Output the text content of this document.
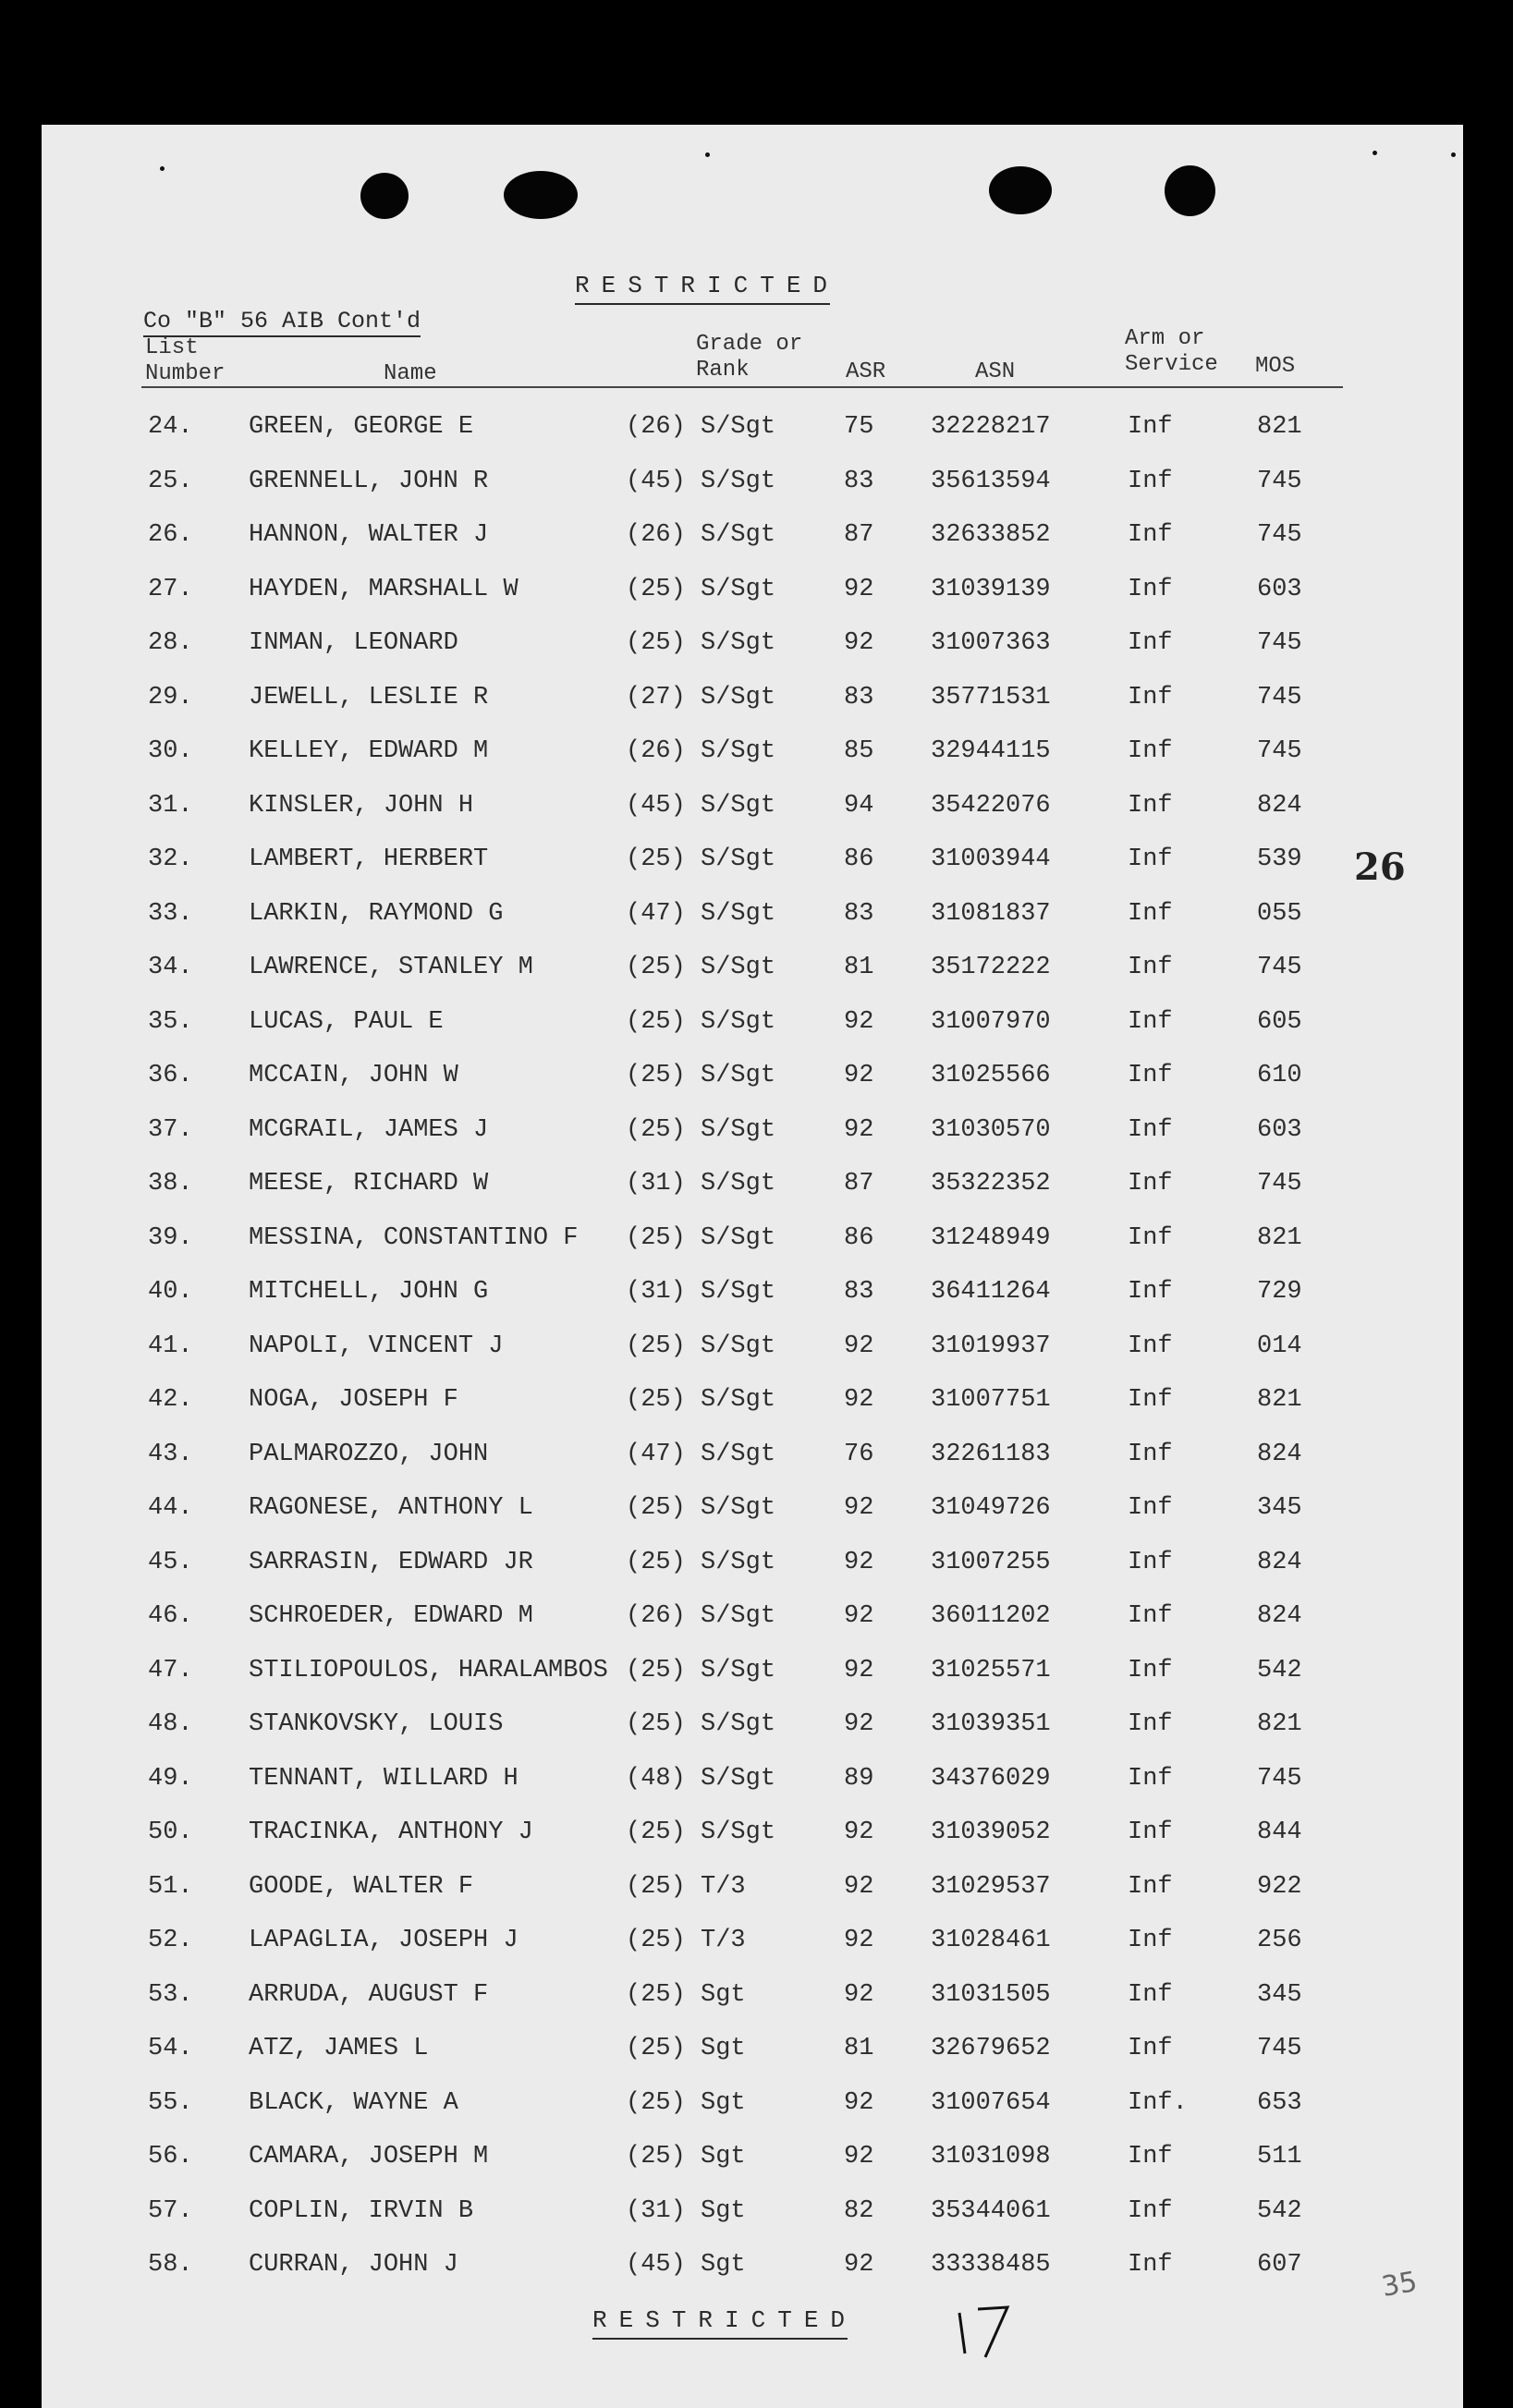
RESTRICTED
Co "B" 56 AIB Cont'd
List
Number	Name
Grade or
Rank	ASR	ASN
Arm or
Service MOS
24. GREEN, GEORGE E	(26) S/Sgt	75 32228217	Inf	821
25. GRENNELL, JOHN R	(45) S/Sgt	83 35613594	Inf	745
26. HANNON, WALTER J	(26) S/Sgt	87 32633852	Inf	745
27. HAYDEN, MARSHALL W	(25) S/Sgt	92 31039139	Inf	603
28. INMAN, LEONARD	(25) S/Sgt	92 31007363	Inf	745
29. JEWELL, LESLIE R	(27) S/Sgt	83 35771531	Inf	745
30. KELLEY, EDWARD M	(26) S/Sgt	85 32944115	Inf	745
31. KINSLER, JOHN H	(45) S/Sgt	94 35422076	Inf	824
32. LAMBERT, HERBERT	(25) S/Sgt	86 31003944	Inf	539
33. LARKIN, RAYMOND G	(47) S/Sgt	83 31081837	Inf	055
34. LAWRENCE, STANLEY M	(25) S/Sgt	81 35172222	Inf	745
35. LUCAS, PAUL E	(25) S/Sgt	92 31007970	Inf	605
36. MCCAIN, JOHN W	(25) S/Sgt	92 31025566	Inf	610
37. MCGRAIL, JAMES J	(25) S/Sgt	92 31030570	Inf	603
38. MEESE, RICHARD W	(31) S/Sgt	87 35322352	Inf	745
39. MESSINA, CONSTANTINO F (25) S/Sgt	86 31248949	Inf	821
40. MITCHELL, JOHN G	(31) S/Sgt	83 36411264	Inf	729
41. NAPOLI, VINCENT J	(25) S/Sgt	92 31019937	Inf	014
42. NOGA, JOSEPH F	(25) S/Sgt	92 31007751	Inf	821
43. PALMAROZZO, JOHN	(47) S/Sgt	76 32261183	Inf	824
44. RAGONESE, ANTHONY L	(25) S/Sgt	92 31049726	Inf	345
45. SARRASIN, EDWARD JR	(25) S/Sgt	92 31007255	Inf	824
46. SCHROEDER, EDWARD M	(26) S/Sgt	92 36011202	Inf	824
47. STILIOPOULOS, HARALAMBOS (25) S/Sgt	92 31025571	Inf	542
48. STANKOVSKY, LOUIS	(25) S/Sgt	92 31039351	Inf	821
49. TENNANT, WILLARD H	(48) S/Sgt	89 34376029	Inf	745
50. TRACINKA, ANTHONY J	(25) S/Sgt	92 31039052	Inf	844
51. GOODE, WALTER F	(25) T/3	92 31029537	Inf	922
52. LAPAGLIA, JOSEPH J	(25) T/3	92 31028461	Inf	256
53. ARRUDA, AUGUST F	(25) Sgt	92 31031505	Inf	345
54. ATZ, JAMES L	(25) Sgt	81 32679652	Inf	745
55. BLACK, WAYNE A	(25) Sgt	92 31007654	Inf.	653
56. CAMARA, JOSEPH M	(25) Sgt	92 31031098	Inf	511
57. COPLIN, IRVIN B	(31) Sgt	82 35344061	Inf	542
58. CURRAN, JOHN J	(45) Sgt	92 33338485	Inf	607
26
RESTRICTED
35
